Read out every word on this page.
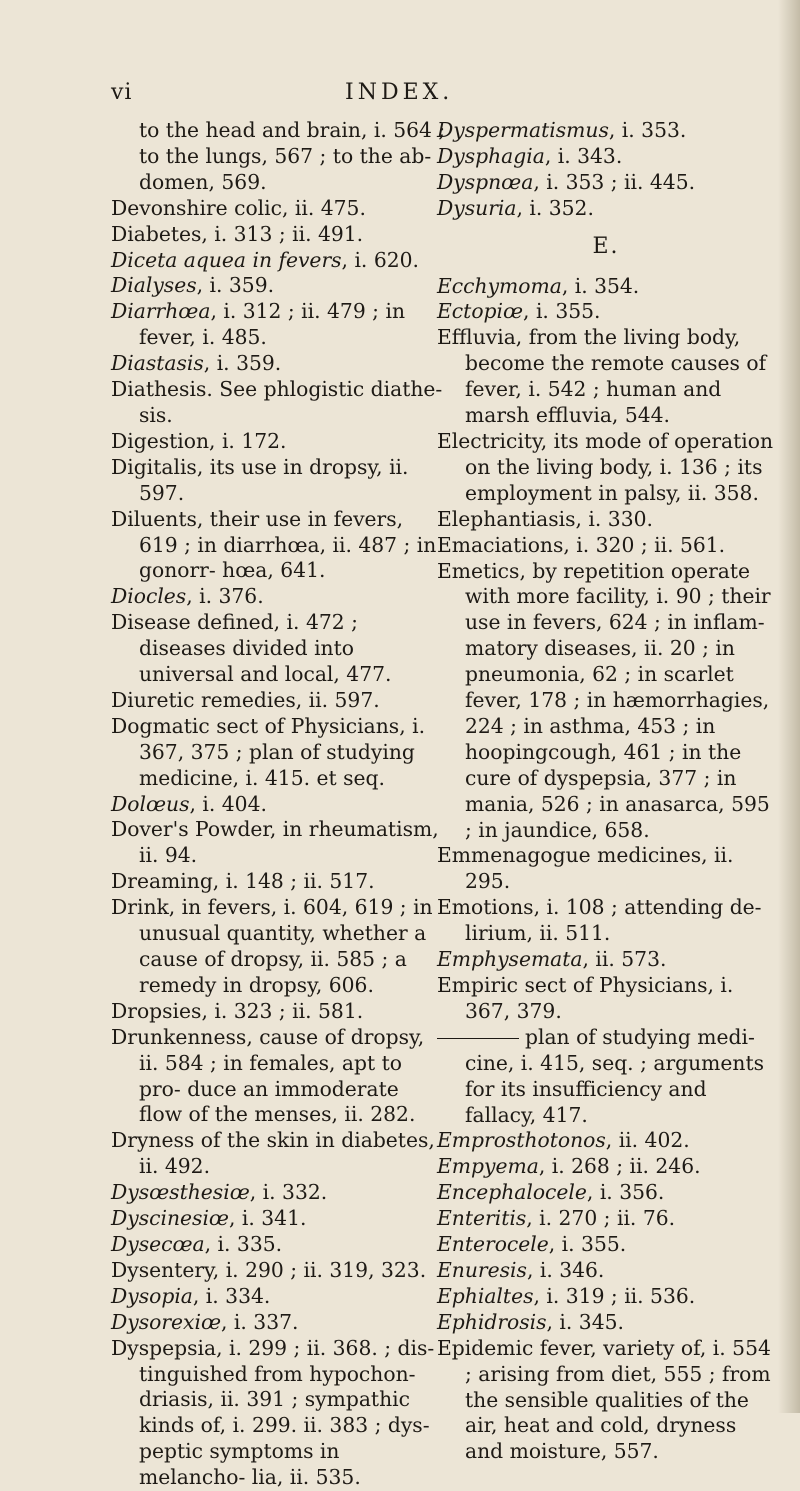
vi	INDEX.

to the head and brain, i. 564 ; to the lungs, 567 ; to the ab- domen, 569.

Devonshire colic, ii. 475.

Diabetes, i. 313 ; ii. 491.

Diceta aquea in fevers, i. 620.

Dialyses, i. 359.

Diarrhœa, i. 312 ; ii. 479 ; in fever, i. 485.

Diastasis, i. 359.

Diathesis. See phlogistic diathe- sis.

Digestion, i. 172.

Digitalis, its use in dropsy, ii. 597.

Diluents, their use in fevers, 619 ; in diarrhœa, ii. 487 ; in gonorr- hœa, 641.

Diocles, i. 376.

Disease defined, i. 472 ; diseases divided into universal and local, 477.

Diuretic remedies, ii. 597.

Dogmatic sect of Physicians, i. 367, 375 ; plan of studying medicine, i. 415. et seq.

Dolœus, i. 404.

Dover's Powder, in rheumatism, ii. 94.

Dreaming, i. 148 ; ii. 517.

Drink, in fevers, i. 604, 619 ; in unusual quantity, whether a cause of dropsy, ii. 585 ; a remedy in dropsy, 606.

Dropsies, i. 323 ; ii. 581.

Drunkenness, cause of dropsy, ii. 584 ; in females, apt to pro- duce an immoderate flow of the menses, ii. 282.

Dryness of the skin in diabetes, ii. 492.

Dysœsthesiœ, i. 332.

Dyscinesiœ, i. 341.

Dysecœa, i. 335.

Dysentery, i. 290 ; ii. 319, 323.

Dysopia, i. 334.

Dysorexiœ, i. 337.

Dyspepsia, i. 299 ; ii. 368. ; dis- tinguished from hypochon- driasis, ii. 391 ; sympathic kinds of, i. 299. ii. 383 ; dys- peptic symptoms in melancho- lia, ii. 535.

Dyspermatismus, i. 353.

Dysphagia, i. 343.

Dyspnœa, i. 353 ; ii. 445.

Dysuria, i. 352.

E.

Ecchymoma, i. 354.

Ectopiœ, i. 355.

Effluvia, from the living body, become the remote causes of fever, i. 542 ; human and marsh effluvia, 544.

Electricity, its mode of operation on the living body, i. 136 ; its employment in palsy, ii. 358.

Elephantiasis, i. 330.

Emaciations, i. 320 ; ii. 561.

Emetics, by repetition operate with more facility, i. 90 ; their use in fevers, 624 ; in inflam- matory diseases, ii. 20 ; in pneumonia, 62 ; in scarlet fever, 178 ; in hæmorrhagies, 224 ; in asthma, 453 ; in hoopingcough, 461 ; in the cure of dyspepsia, 377 ; in mania, 526 ; in anasarca, 595 ; in jaundice, 658.

Emmenagogue medicines, ii. 295.

Emotions, i. 108 ; attending de- lirium, ii. 511.

Emphysemata, ii. 573.

Empiric sect of Physicians, i. 367, 379.

plan of studying medi- cine, i. 415, seq. ; arguments for its insufficiency and fallacy, 417.

Emprosthotonos, ii. 402.

Empyema, i. 268 ; ii. 246.

Encephalocele, i. 356.

Enteritis, i. 270 ; ii. 76.

Enterocele, i. 355.

Enuresis, i. 346.

Ephialtes, i. 319 ; ii. 536.

Ephidrosis, i. 345.

Epidemic fever, variety of, i. 554 ; arising from diet, 555 ; from the sensible qualities of the air, heat and cold, dryness and moisture, 557.
